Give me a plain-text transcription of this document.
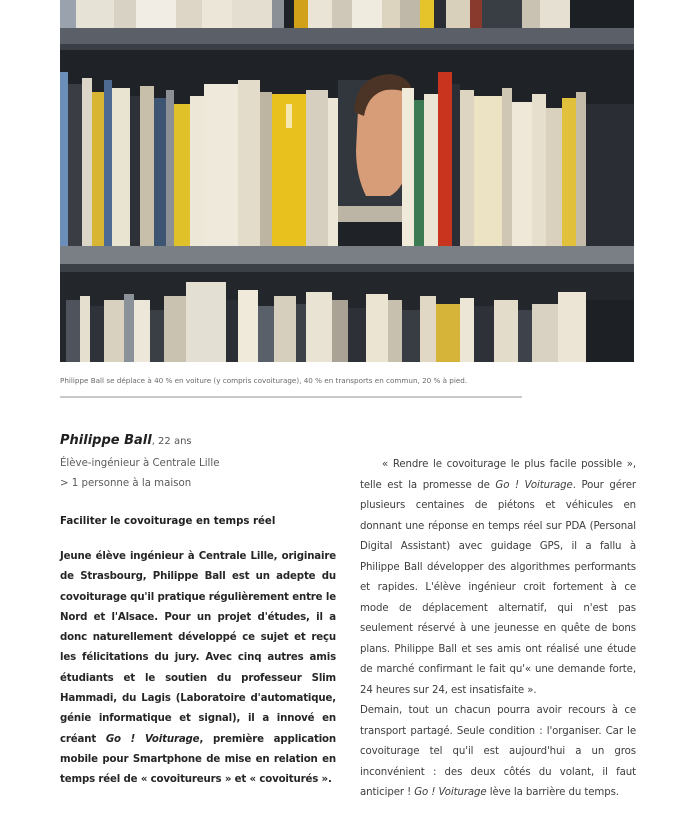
Philippe Ball se déplace à 40 % en voiture (y compris covoiturage), 40 % en transports en commun, 20 % à pied.
Philippe Ball, 22 ans
Élève-ingénieur à Centrale Lille
> 1 personne à la maison
Faciliter le covoiturage en temps réel
Jeune élève ingénieur à Centrale Lille, originaire de Strasbourg, Philippe Ball est un adepte du covoiturage qu'il pratique régulièrement entre le Nord et l'Alsace. Pour un projet d'études, il a donc naturellement développé ce sujet et reçu les félicitations du jury. Avec cinq autres amis étudiants et le soutien du professeur Slim Hammadi, du Lagis (Laboratoire d'automatique, génie informatique et signal), il a innové en créant Go ! Voiturage, première application mobile pour Smartphone de mise en relation en temps réel de « covoitureurs » et « covoiturés ».

« Rendre le covoiturage le plus facile possible », telle est la promesse de Go ! Voiturage. Pour gérer plusieurs centaines de piétons et véhicules en donnant une réponse en temps réel sur PDA (Personal Digital Assistant) avec guidage GPS, il a fallu à Philippe Ball développer des algorithmes performants et rapides. L'élève ingénieur croit fortement à ce mode de déplacement alternatif, qui n'est pas seulement réservé à une jeunesse en quête de bons plans. Philippe Ball et ses amis ont réalisé une étude de marché confirmant le fait qu'« une demande forte, 24 heures sur 24, est insatisfaite ».

Demain, tout un chacun pourra avoir recours à ce transport partagé. Seule condition : l'organiser. Car le covoiturage tel qu'il est aujourd'hui a un gros inconvénient : des deux côtés du volant, il faut anticiper ! Go ! Voiturage lève la barrière du temps.
